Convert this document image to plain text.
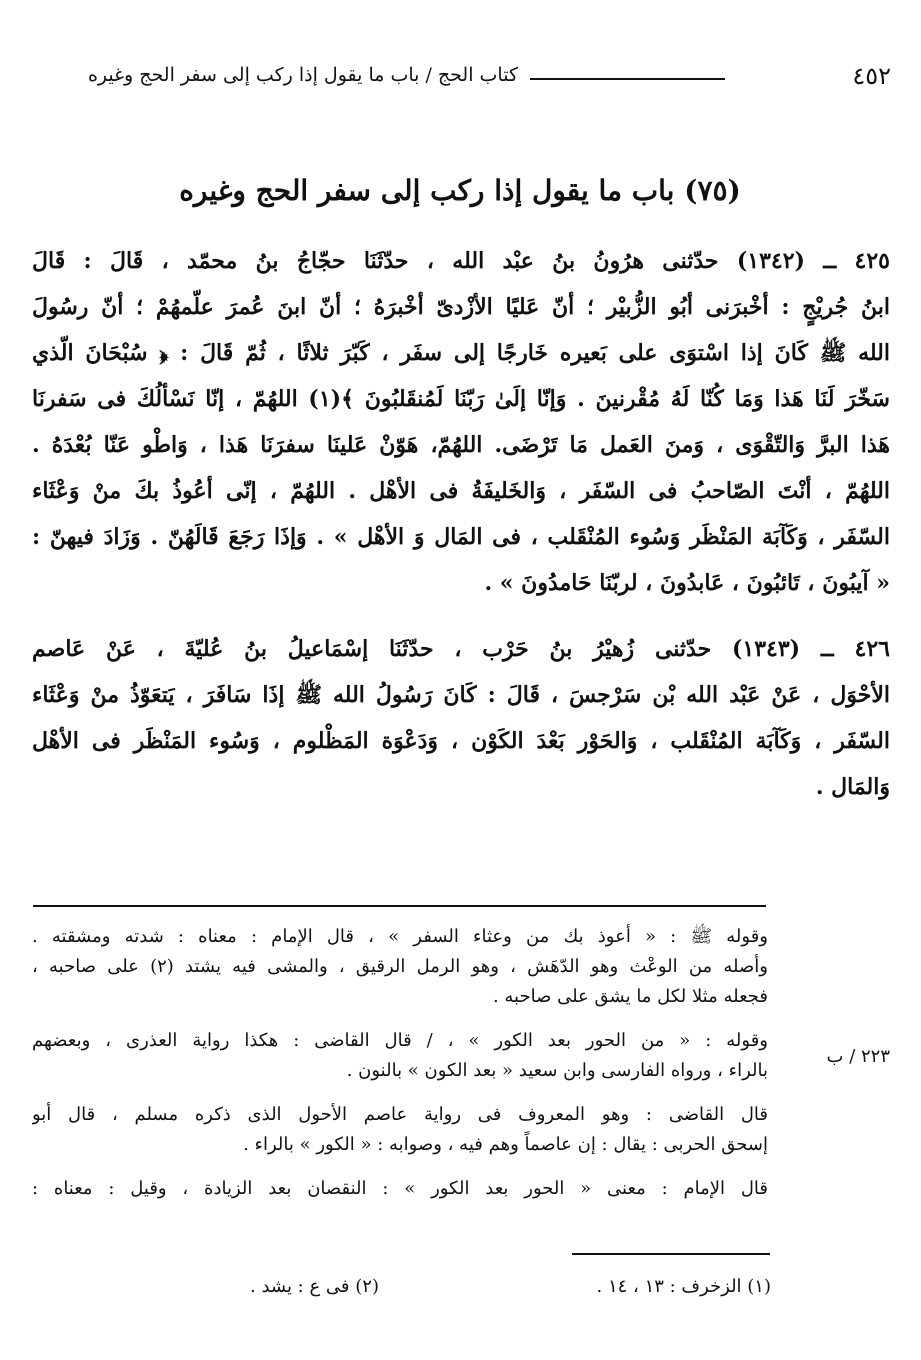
٤٥٢
كتاب الحج / باب ما يقول إذا ركب إلى سفر الحج وغيره
(٧٥) باب ما يقول إذا ركب إلى سفر الحج وغيره
٤٢٥ ــ (١٣٤٢) حدّثنى هرُونُ بنُ عبْد الله ، حدّثَنَا حجّاجُ بنُ محمّد ، قَالَ : قَالَ
ابنُ جُريْجٍ : أخْبرَنى أبُو الزُّبيْر ؛ أنّ عَليًا الأزْدىّ أخْبرَهُ ؛ أنّ ابنَ عُمرَ علّمهُمْ ؛ أنّ رسُولَ
الله ﷺ كَانَ إذا اسْتوَى على بَعيره خَارجًا إلى سفَر ، كَبّرَ ثلاثًا ، ثُمّ قَالَ : ﴿ سُبْحَانَ الّذي
سَخّرَ لَنَا هَذا وَمَا كُنّا لَهُ مُقْرنينَ . وَإنّا إلَىٰ رَبّنَا لَمُنقَلبُونَ ﴾(١) اللهُمّ ، إنّا نَسْألُكَ فى سَفرنَا
هَذا البرَّ وَالتّقْوَى ، وَمنَ العَمل مَا تَرْضَى. اللهُمّ، هَوّنْ عَلينَا سفرَنَا هَذا ، وَاطْو عَنّا بُعْدَهُ .
اللهُمّ ، أنْتَ الصّاحبُ فى السّفَر ، وَالخَليفَةُ فى الأهْل . اللهُمّ ، إنّى أعُوذُ بكَ منْ وَعْثَاء
السّفَر ، وَكَآبَة المَنْظَر وَسُوء المُنْقَلب ، فى المَال وَ الأهْل » . وَإذَا رَجَعَ قَالَهُنّ . وَزَادَ فيهنّ :
« آيبُونَ ، تَائبُونَ ، عَابدُونَ ، لربّنَا حَامدُونَ » .
٤٢٦ ــ (١٣٤٣) حدّثنى زُهيْرُ بنُ حَرْب ، حدّثَنَا إسْمَاعيلُ بنُ عُليّةَ ، عَنْ عَاصم
الأحْوَل ، عَنْ عَبْد الله بْن سَرْجسَ ، قَالَ : كَانَ رَسُولُ الله ﷺ إذَا سَافَرَ ، يَتعَوّذُ منْ وَعْثَاء
السّفَر ، وَكَآبَة المُنْقَلب ، وَالحَوْر بَعْدَ الكَوْن ، وَدَعْوَة المَظْلوم ، وَسُوء المَنْظَر فى الأهْل
وَالمَال .
وقوله ﷺ : « أعوذ بك من وعثاء السفر » ، قال الإمام : معناه : شدته ومشقته .
وأصله من الوعْث وهو الدّهَش ، وهو الرمل الرقيق ، والمشى فيه يشتد (٢) على صاحبه ،
فجعله مثلا لكل ما يشق على صاحبه .
وقوله : « من الحور بعد الكور » ، / قال القاضى : هكذا رواية العذرى ، وبعضهم
بالراء ، ورواه الفارسى وابن سعيد « بعد الكون » بالنون .
قال القاضى : وهو المعروف فى رواية عاصم الأحول الذى ذكره مسلم ، قال أبو
إسحق الحربى : يقال : إن عاصماً وهم فيه ، وصوابه : « الكور » بالراء .
قال الإمام : معنى « الحور بعد الكور » : النقصان بعد الزيادة ، وقيل : معناه :
٢٢٣ / ب
(١) الزخرف : ١٣ ، ١٤ .
(٢) فى ع : يشد .
